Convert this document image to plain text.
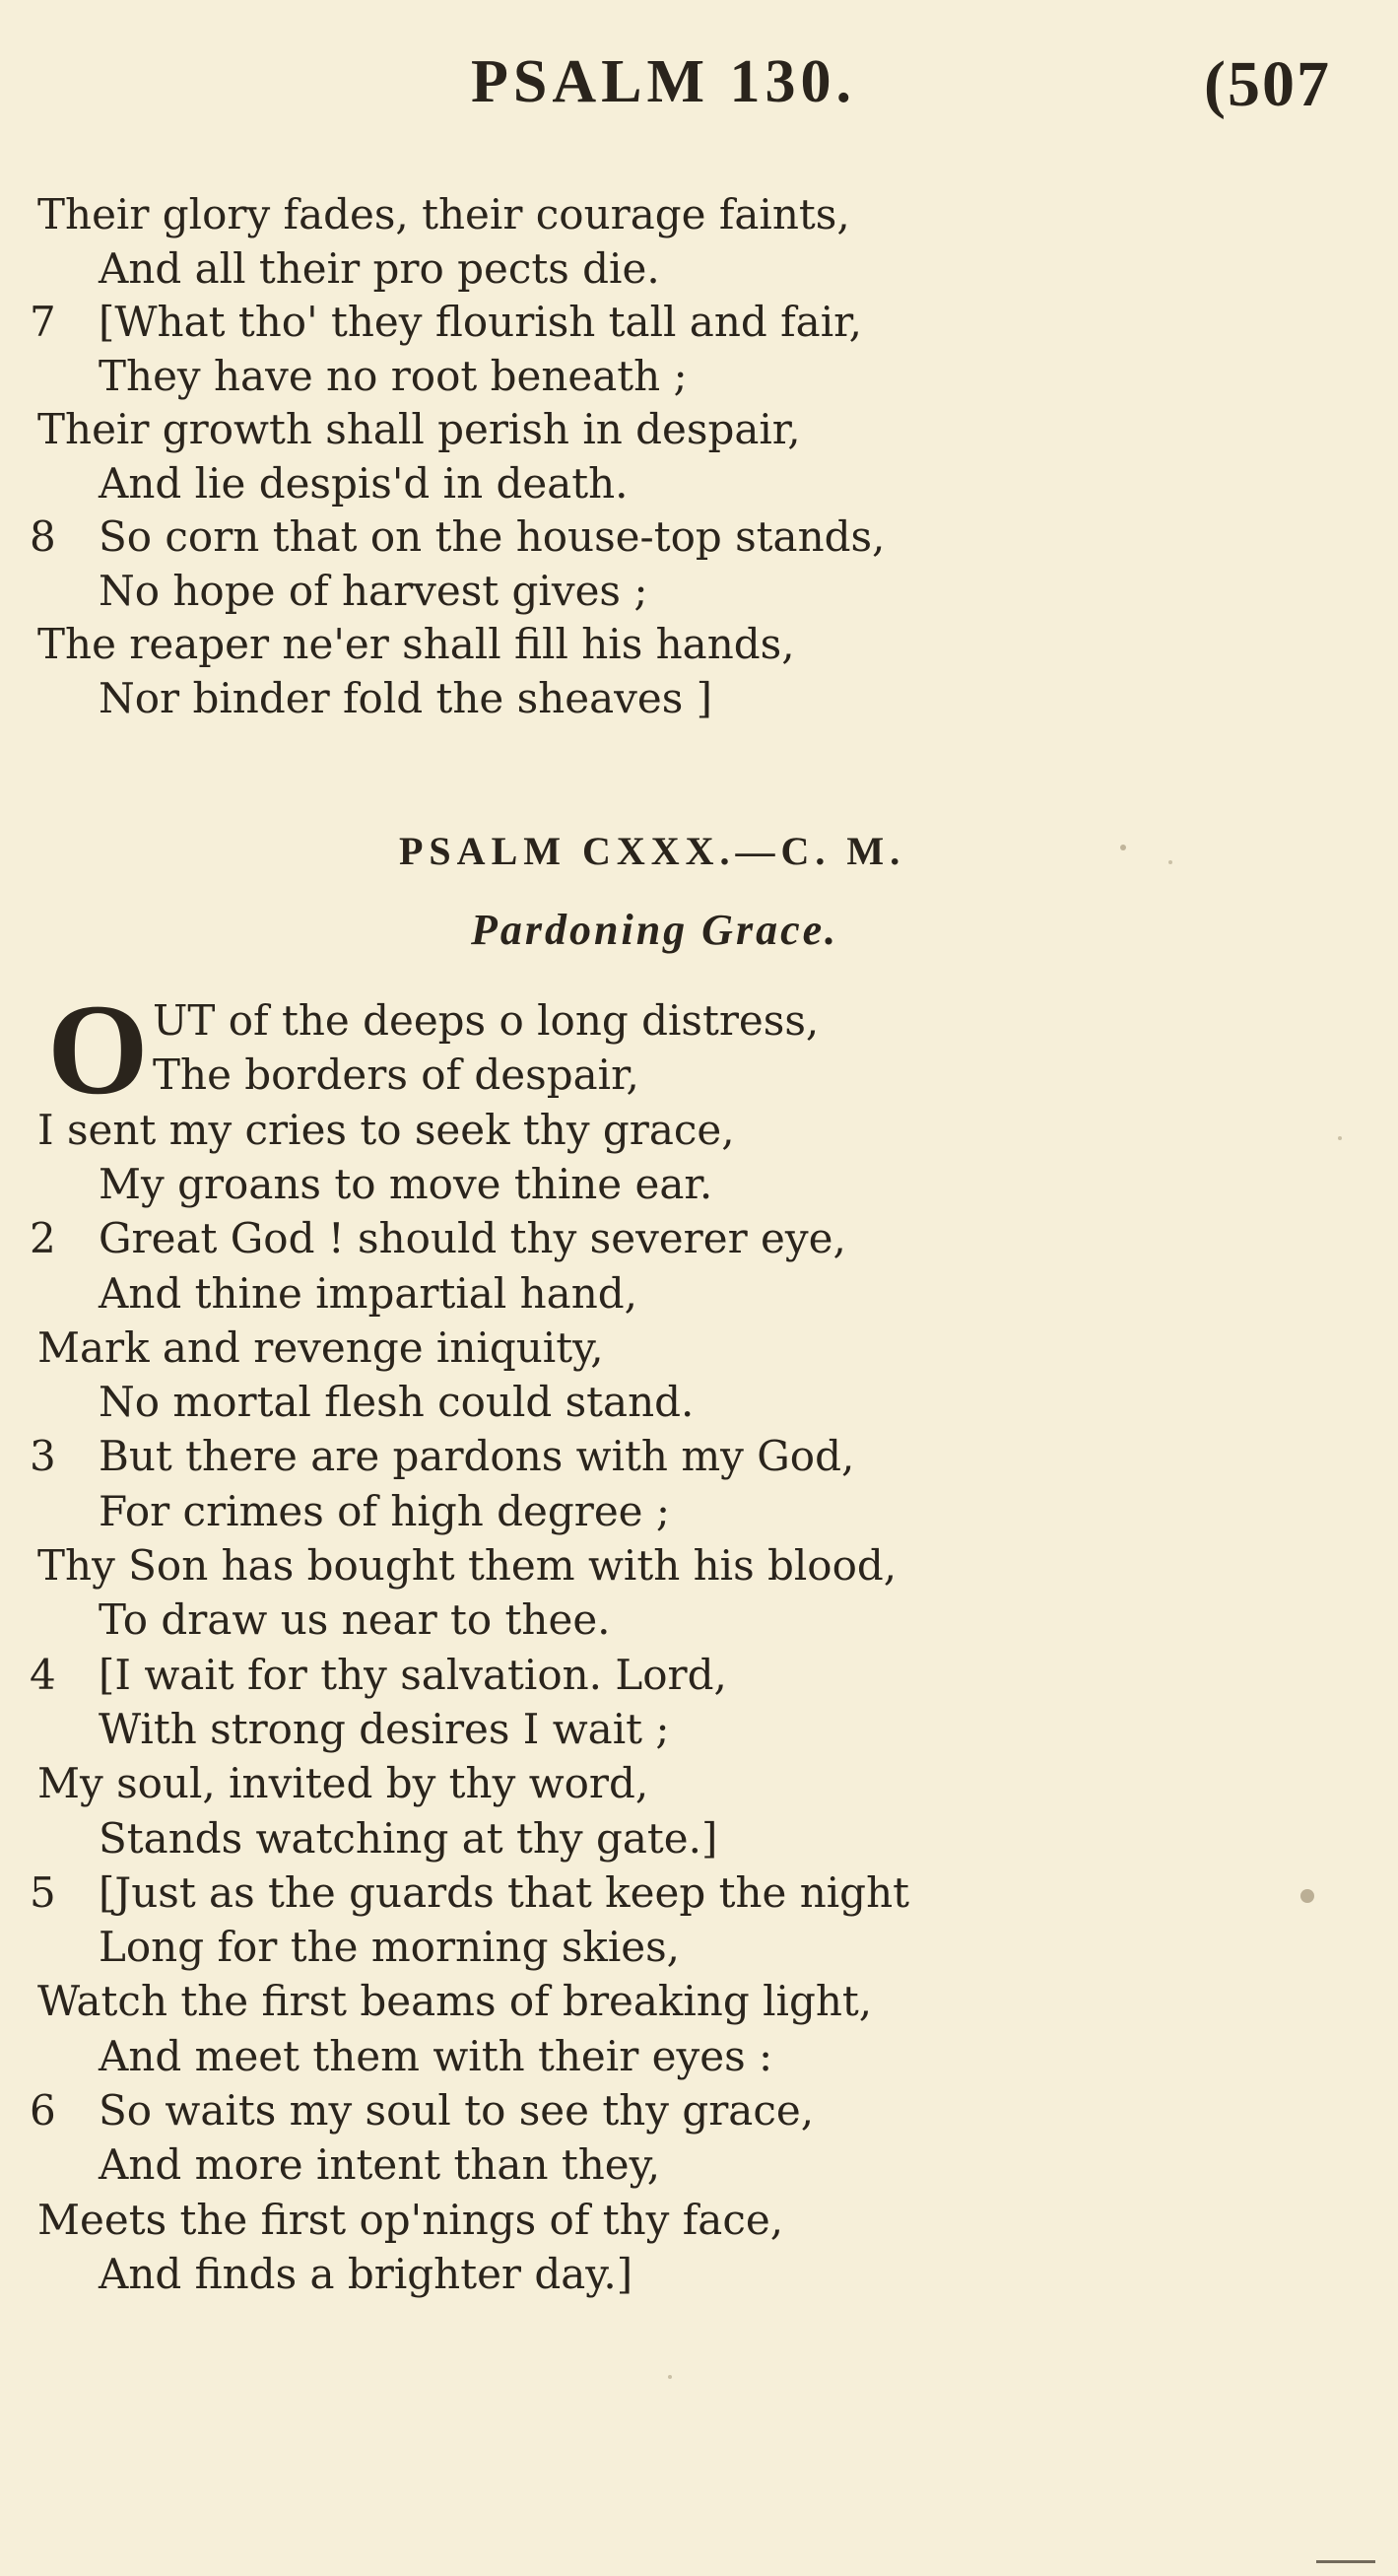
PSALM 130.	(507
Their glory fades, their courage faints,
And all their pro pects die.
7	[What tho' they flourish tall and fair,
They have no root beneath ;
Their growth shall perish in despair,
And lie despis'd in death.
8	So corn that on the house-top stands,
No hope of harvest gives ;
The reaper ne'er shall fill his hands,
Nor binder fold the sheaves ]
PSALM CXXX.—C. M.
Pardoning Grace.
O UT of the deeps o long distress,
The borders of despair,
I sent my cries to seek thy grace,
My groans to move thine ear.
2	Great God ! should thy severer eye,
And thine impartial hand,
Mark and revenge iniquity,
No mortal flesh could stand.
3	But there are pardons with my God,
For crimes of high degree ;
Thy Son has bought them with his blood,
To draw us near to thee.
4	[I wait for thy salvation. Lord,
With strong desires I wait ;
My soul, invited by thy word,
Stands watching at thy gate.]
5	[Just as the guards that keep the night
Long for the morning skies,
Watch the first beams of breaking light,
And meet them with their eyes :
6	So waits my soul to see thy grace,
And more intent than they,
Meets the first op'nings of thy face,
And finds a brighter day.]
